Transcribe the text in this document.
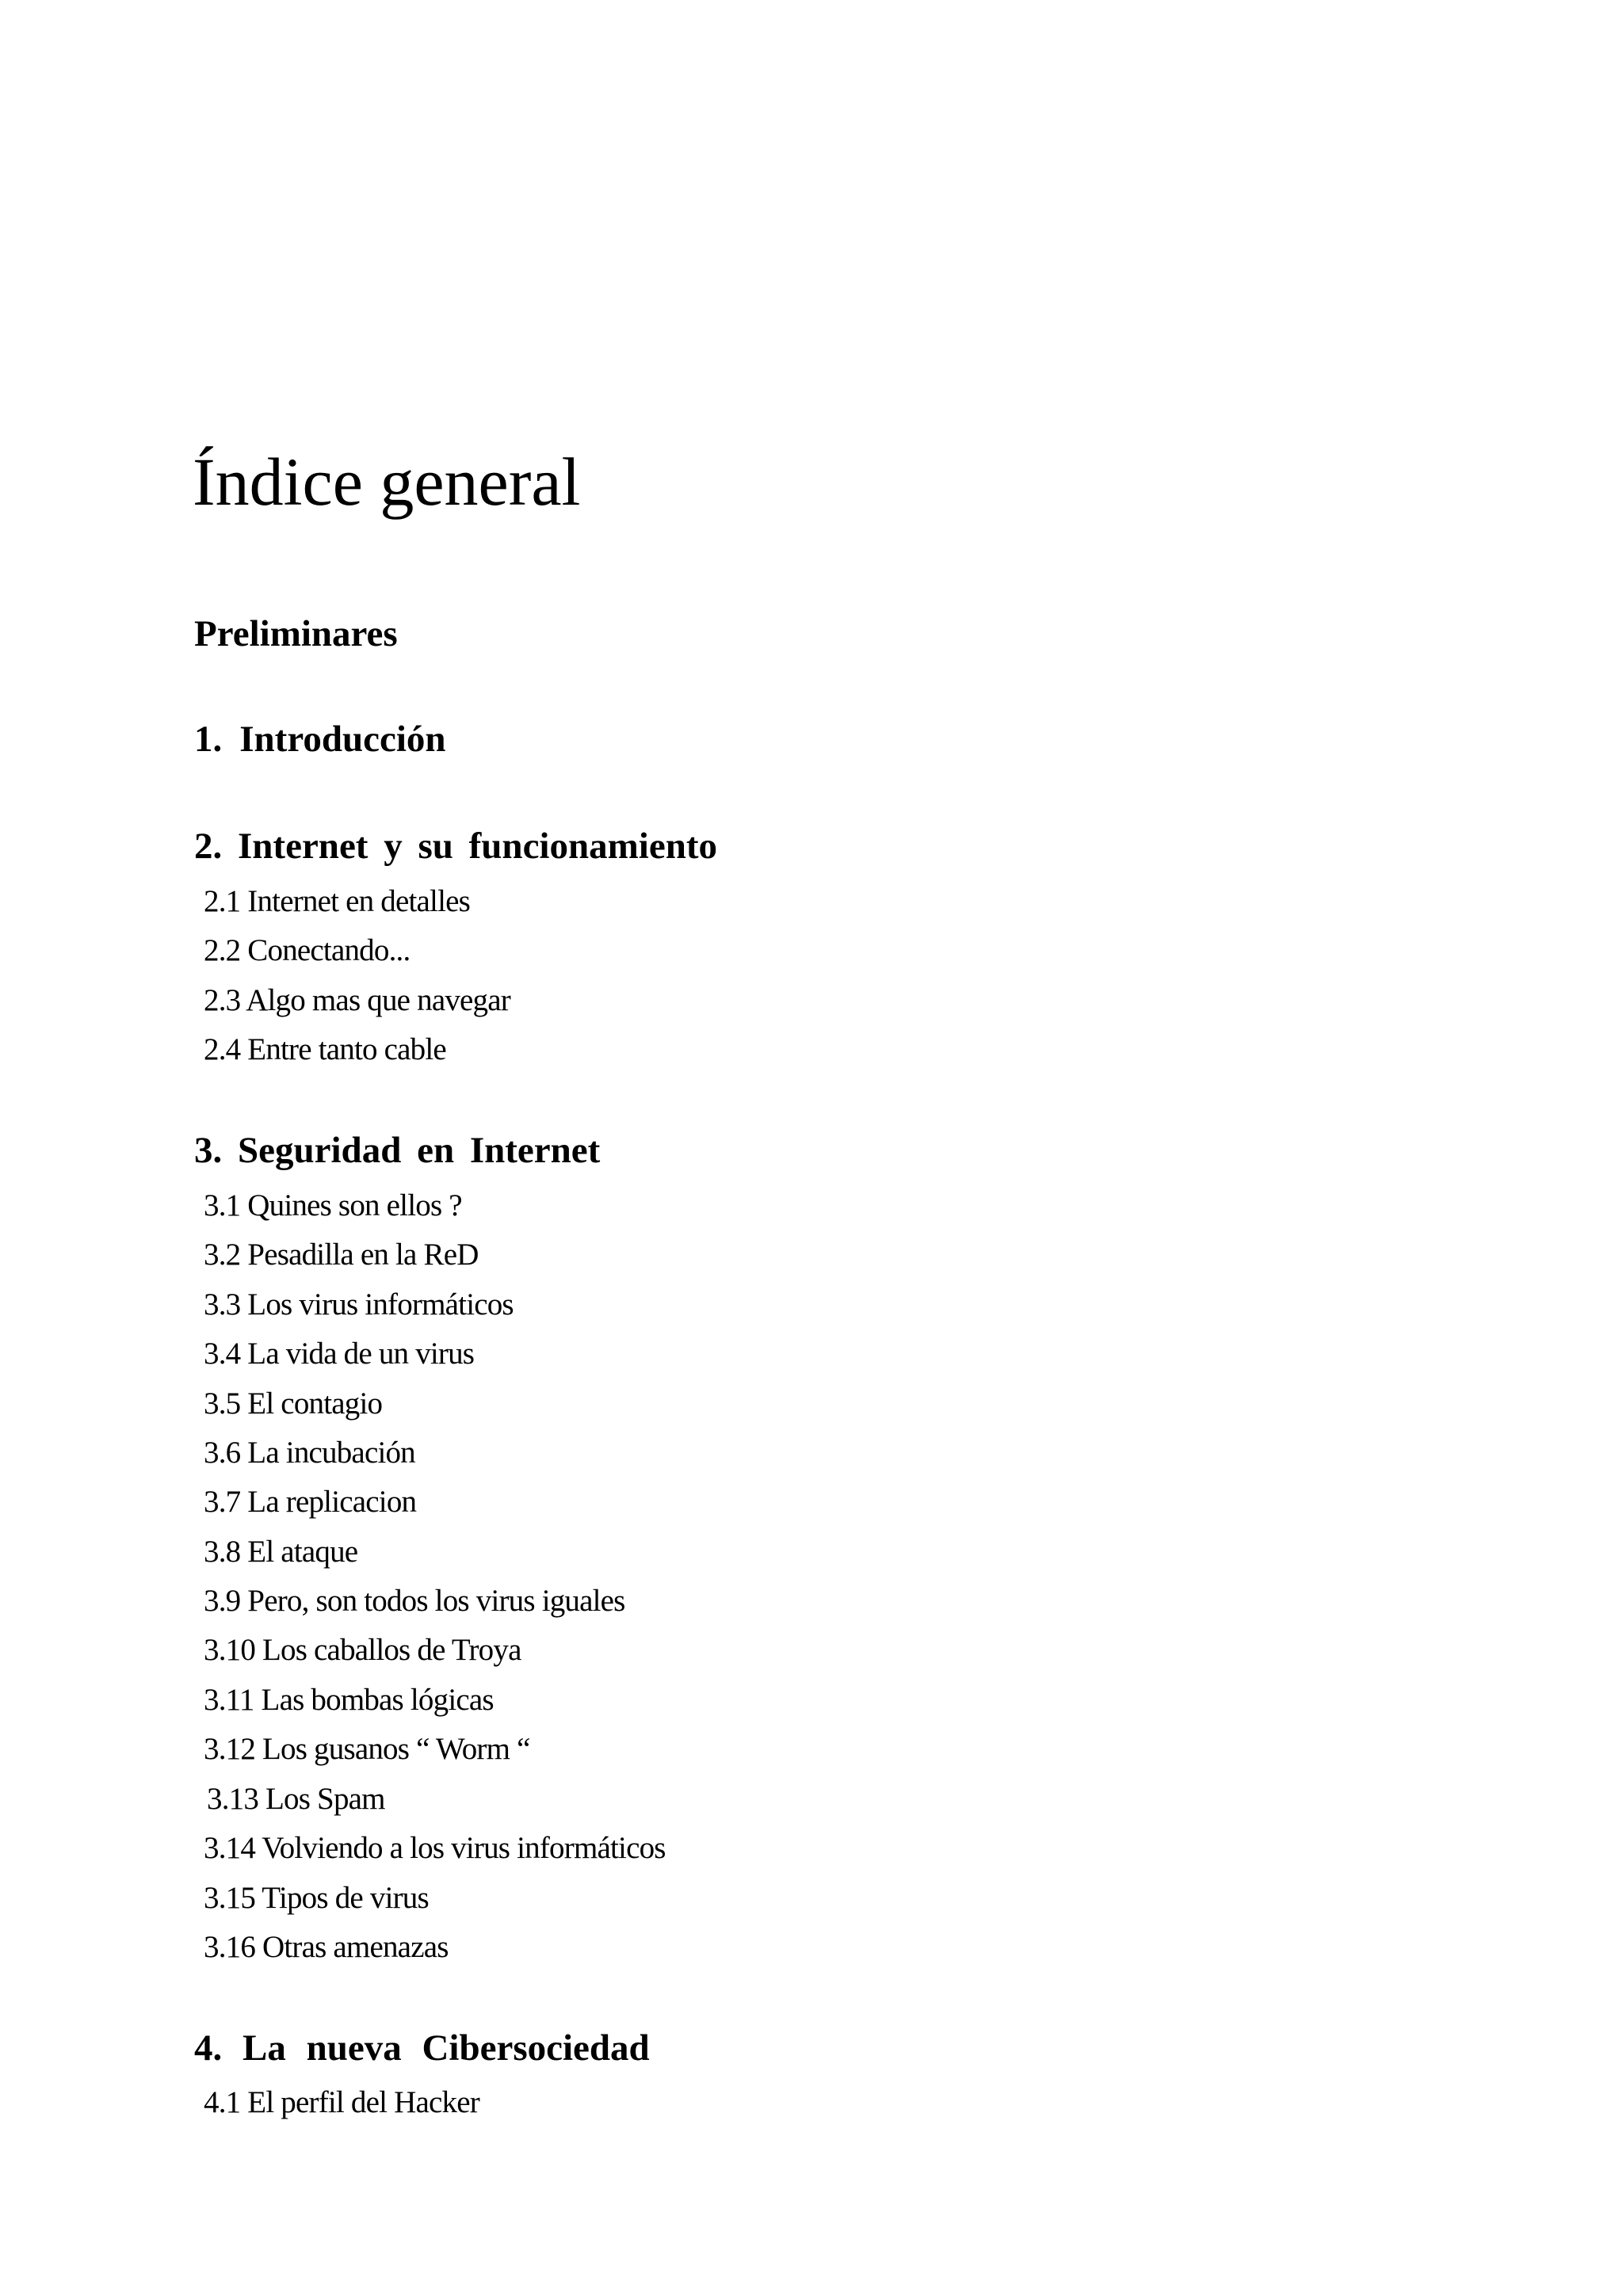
Índice general
Preliminares
1. Introducción
2. Internet y su funcionamiento
2.1 Internet en detalles
2.2 Conectando...
2.3 Algo mas que navegar
2.4 Entre tanto cable
3. Seguridad en Internet
3.1 Quines son ellos ?
3.2 Pesadilla en la ReD
3.3 Los virus informáticos
3.4 La vida de un virus
3.5 El contagio
3.6 La incubación
3.7 La replicacion
3.8 El ataque
3.9 Pero, son todos los virus iguales
3.10 Los caballos de Troya
3.11 Las bombas lógicas
3.12 Los gusanos “ Worm “
3.13 Los Spam
3.14 Volviendo a los virus informáticos
3.15 Tipos de virus
3.16 Otras amenazas
4. La nueva Cibersociedad
4.1 El perfil del Hacker
